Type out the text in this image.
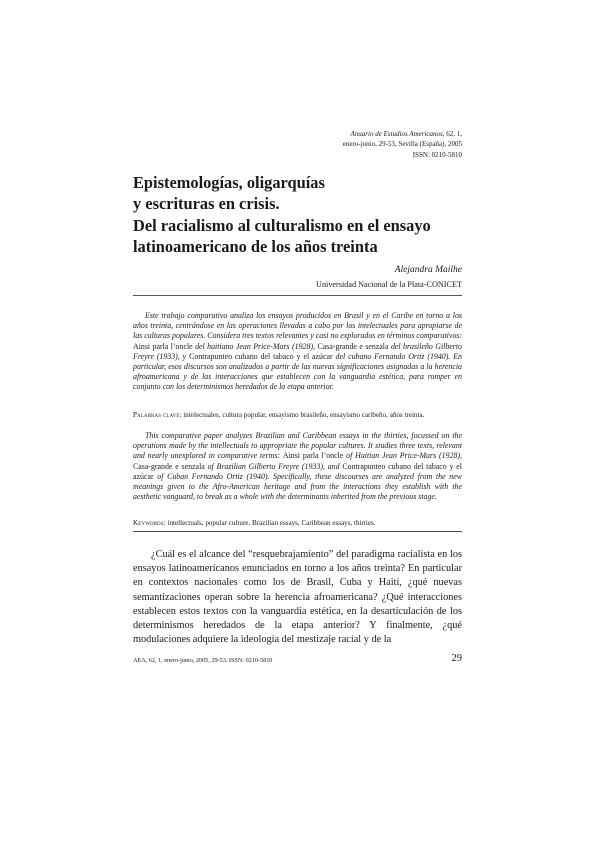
Anuario de Estudios Americanos, 62, 1,
enero-junio, 29-53, Sevilla (España), 2005
ISSN: 0210-5810
Epistemologías, oligarquías
y escrituras en crisis.
Del racialismo al culturalismo en el ensayo
latinoamericano de los años treinta
Alejandra Mailhe
Universidad Nacional de la Plata-CONICET

Este trabajo comparativo analiza los ensayos producidos en Brasil y en el Caribe en torno a los años treinta, centrándose en las operaciones llevadas a cabo por los intelectuales para apropiarse de las culturas populares. Considera tres textos relevantes y casi no explorados en términos comparativos: Ainsi parla l’oncle del haitiano Jean Price-Mars (1928), Casa-grande e senzala del brasileño Gilberto Freyre (1933), y Contrapunteo cubano del tabaco y el azúcar del cubano Fernando Ortiz (1940). En particular, esos discursos son analizados a partir de las nuevas significaciones asignadas a la herencia afroamericana y de las interacciones que establecen con la vanguardia estética, para romper en conjunto con los determinismos heredados de la etapa anterior.

Palabras clave: intelectuales, cultura popular, ensayismo brasileño, ensayismo caribeño, años treinta.

This comparative paper analyzes Brazilian and Caribbean essays in the thirties, focussed on the operations made by the intellectuals to appropriate the popular cultures. It studies three texts, relevant and nearly unexplored in comparative terms: Ainsi parla l’oncle of Haitian Jean Price-Mars (1928), Casa-grande e senzala of Brazilian Gilberto Freyre (1933), and Contrapunteo cubano del tabaco y el azúcar of Cuban Fernando Ortiz (1940). Specifically, these discourses are analyzed from the new meanings given to the Afro-American heritage and from the interactions they establish with the aesthetic vanguard, to break as a whole with the determinants inherited from the previous stage.

Keywords: intellectuals, popular culture, Brazilian essays, Caribbean essays, thirties.

¿Cuál es el alcance del “resquebrajamiento” del paradigma racialista en los ensayos latinoamericanos enunciados en torno a los años treinta? En particular en contextos nacionales como los de Brasil, Cuba y Haití, ¿qué nuevas semantizaciones operan sobre la herencia afroamericana? ¿Qué interacciones establecen estos textos con la vanguardia estética, en la desarticulación de los determinismos heredados de la etapa anterior? Y finalmente, ¿qué modulaciones adquiere la ideología del mestizaje racial y de la

AEA, 62, 1, enero-junio, 2005, 29-53. ISSN: 0210-5810	29
